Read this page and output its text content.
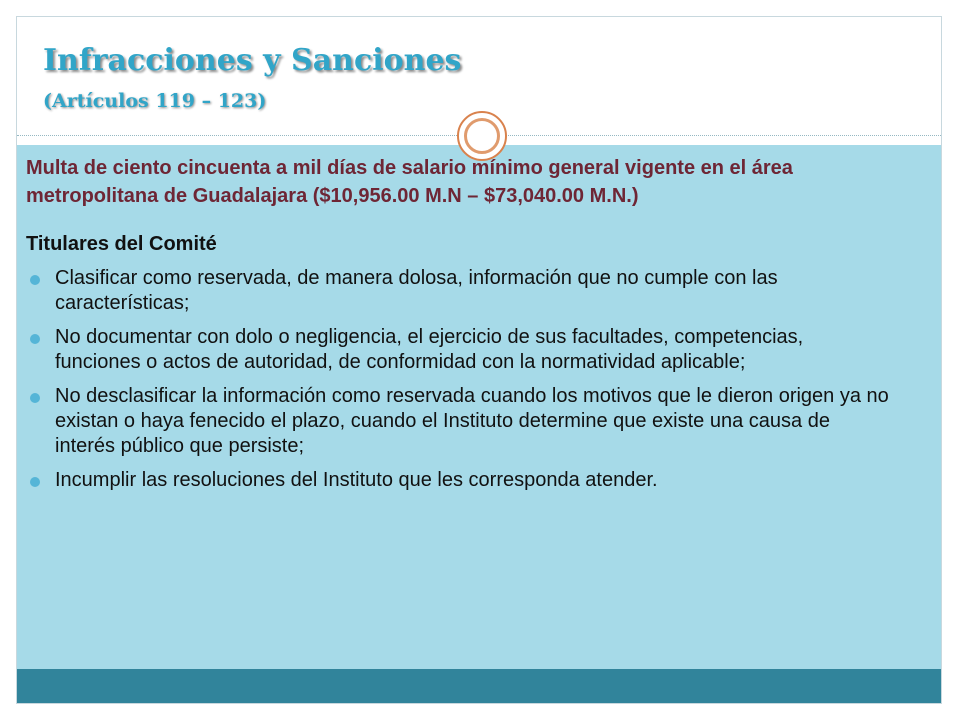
Infracciones y Sanciones
(Artículos 119 – 123)

Multa de ciento cincuenta a mil días de salario mínimo general vigente en el área metropolitana de Guadalajara ($10,956.00 M.N – $73,040.00 M.N.)

Titulares del Comité

Clasificar como reservada, de manera dolosa, información que no cumple con las características;
No documentar con dolo o negligencia, el ejercicio de sus facultades, competencias, funciones o actos de autoridad, de conformidad con la normatividad aplicable;
No desclasificar la información como reservada cuando los motivos que le dieron origen ya no existan o haya fenecido el plazo, cuando el Instituto determine que existe una causa de interés público que persiste;
Incumplir las resoluciones del Instituto que les corresponda atender.
